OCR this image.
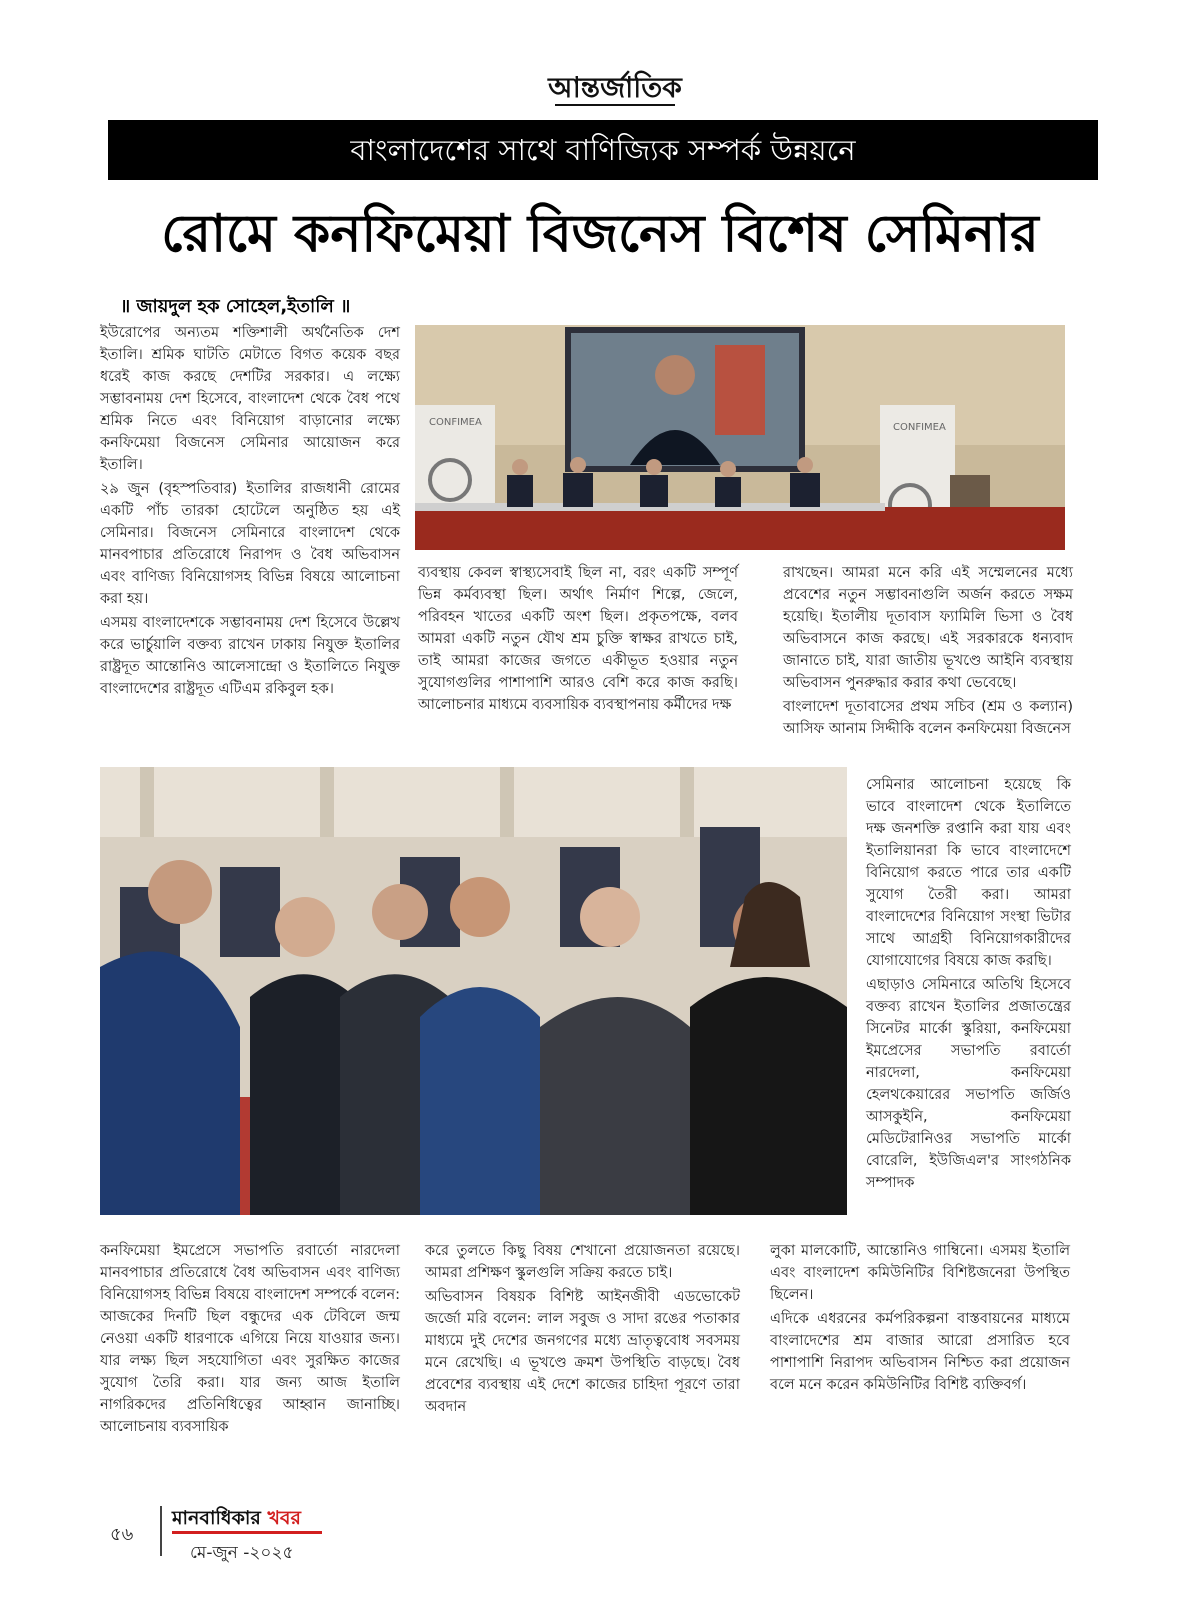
আন্তর্জাতিক
বাংলাদেশের সাথে বাণিজ্যিক সম্পর্ক উন্নয়নে
রোমে কনফিমেয়া বিজনেস বিশেষ সেমিনার
॥ জায়দুল হক সোহেল,ইতালি ॥

ইউরোপের অন্যতম শক্তিশালী অর্থনৈতিক দেশ ইতালি। শ্রমিক ঘাটতি মেটাতে বিগত কয়েক বছর ধরেই কাজ করছে দেশটির সরকার। এ লক্ষ্যে সম্ভাবনাময় দেশ হিসেবে, বাংলাদেশ থেকে বৈধ পথে শ্রমিক নিতে এবং বিনিয়োগ বাড়ানোর লক্ষ্যে কনফিমেয়া বিজনেস সেমিনার আয়োজন করে ইতালি।

২৯ জুন (বৃহস্পতিবার) ইতালির রাজধানী রোমের একটি পাঁচ তারকা হোটেলে অনুষ্ঠিত হয় এই সেমিনার। বিজনেস সেমিনারে বাংলাদেশ থেকে মানবপাচার প্রতিরোধে নিরাপদ ও বৈধ অভিবাসন এবং বাণিজ্য বিনিয়োগসহ বিভিন্ন বিষয়ে আলোচনা করা হয়।

এসময় বাংলাদেশকে সম্ভাবনাময় দেশ হিসেবে উল্লেখ করে ভার্চুয়ালি বক্তব্য রাখেন ঢাকায় নিযুক্ত ইতালির রাষ্ট্রদূত আন্তোনিও আলেসান্দ্রো ও ইতালিতে নিযুক্ত বাংলাদেশের রাষ্ট্রদূত এটিএম রকিবুল হক।

CONFIMEA	CONFIMEA

ব্যবস্থায় কেবল স্বাস্থ্যসেবাই ছিল না, বরং একটি সম্পূর্ণ ভিন্ন কর্মব্যবস্থা ছিল। অর্থাৎ নির্মাণ শিল্পে, জেলে, পরিবহন খাতের একটি অংশ ছিল। প্রকৃতপক্ষে, বলব আমরা একটি নতুন যৌথ শ্রম চুক্তি স্বাক্ষর রাখতে চাই, তাই আমরা কাজের জগতে একীভূত হওয়ার নতুন সুযোগগুলির পাশাপাশি আরও বেশি করে কাজ করছি। আলোচনার মাধ্যমে ব্যবসায়িক ব্যবস্থাপনায় কর্মীদের দক্ষ

রাখছেন। আমরা মনে করি এই সম্মেলনের মধ্যে প্রবেশের নতুন সম্ভাবনাগুলি অর্জন করতে সক্ষম হয়েছি। ইতালীয় দূতাবাস ফ্যামিলি ভিসা ও বৈধ অভিবাসনে কাজ করছে। এই সরকারকে ধন্যবাদ জানাতে চাই, যারা জাতীয় ভূখণ্ডে আইনি ব্যবস্থায় অভিবাসন পুনরুদ্ধার করার কথা ভেবেছে।

বাংলাদেশ দূতাবাসের প্রথম সচিব (শ্রম ও কল্যান) আসিফ আনাম সিদ্দীকি বলেন কনফিমেয়া বিজনেস

সেমিনার আলোচনা হয়েছে কি ভাবে বাংলাদেশ থেকে ইতালিতে দক্ষ জনশক্তি রপ্তানি করা যায় এবং ইতালিয়ানরা কি ভাবে বাংলাদেশে বিনিয়োগ করতে পারে তার একটি সুযোগ তৈরী করা। আমরা বাংলাদেশের বিনিয়োগ সংস্থা ভিটার সাথে আগ্রহী বিনিয়োগকারীদের যোগাযোগের বিষয়ে কাজ করছি।

এছাড়াও সেমিনারে অতিথি হিসেবে বক্তব্য রাখেন ইতালির প্রজাতন্ত্রের সিনেটর মার্কো স্কুরিয়া, কনফিমেয়া ইমপ্রেসের সভাপতি রবার্তো নারদেলা, কনফিমেয়া হেলথকেয়ারের সভাপতি জর্জিও আসকুইনি, কনফিমেয়া মেডিটেরানিওর সভাপতি মার্কো বোরেলি, ইউজিএল'র সাংগঠনিক সম্পাদক

কনফিমেয়া ইমপ্রেসে সভাপতি রবার্তো নারদেলা মানবপাচার প্রতিরোধে বৈধ অভিবাসন এবং বাণিজ্য বিনিয়োগসহ বিভিন্ন বিষয়ে বাংলাদেশ সম্পর্কে বলেন: আজকের দিনটি ছিল বন্ধুদের এক টেবিলে জন্ম নেওয়া একটি ধারণাকে এগিয়ে নিয়ে যাওয়ার জন্য। যার লক্ষ্য ছিল সহযোগিতা এবং সুরক্ষিত কাজের সুযোগ তৈরি করা। যার জন্য আজ ইতালি নাগরিকদের প্রতিনিধিত্বের আহ্বান জানাচ্ছি। আলোচনায় ব্যবসায়িক

করে তুলতে কিছু বিষয় শেখানো প্রয়োজনতা রয়েছে। আমরা প্রশিক্ষণ স্কুলগুলি সক্রিয় করতে চাই।

অভিবাসন বিষয়ক বিশিষ্ট আইনজীবী এডভোকেট জর্জো মরি বলেন: লাল সবুজ ও সাদা রঙের পতাকার মাধ্যমে দুই দেশের জনগণের মধ্যে ভ্রাতৃত্ববোধ সবসময় মনে রেখেছি। এ ভূখণ্ডে ক্রমশ উপস্থিতি বাড়ছে। বৈধ প্রবেশের ব্যবস্থায় এই দেশে কাজের চাহিদা পূরণে তারা অবদান

লুকা মালকোটি, আন্তোনিও গাম্বিনো। এসময় ইতালি এবং বাংলাদেশ কমিউনিটির বিশিষ্টজনেরা উপস্থিত ছিলেন।

এদিকে এধরনের কর্মপরিকল্পনা বাস্তবায়নের মাধ্যমে বাংলাদেশের শ্রম বাজার আরো প্রসারিত হবে পাশাপাশি নিরাপদ অভিবাসন নিশ্চিত করা প্রয়োজন বলে মনে করেন কমিউনিটির বিশিষ্ট ব্যক্তিবর্গ।

৫৬
মানবাধিকার খবর
মে-জুন -২০২৫
